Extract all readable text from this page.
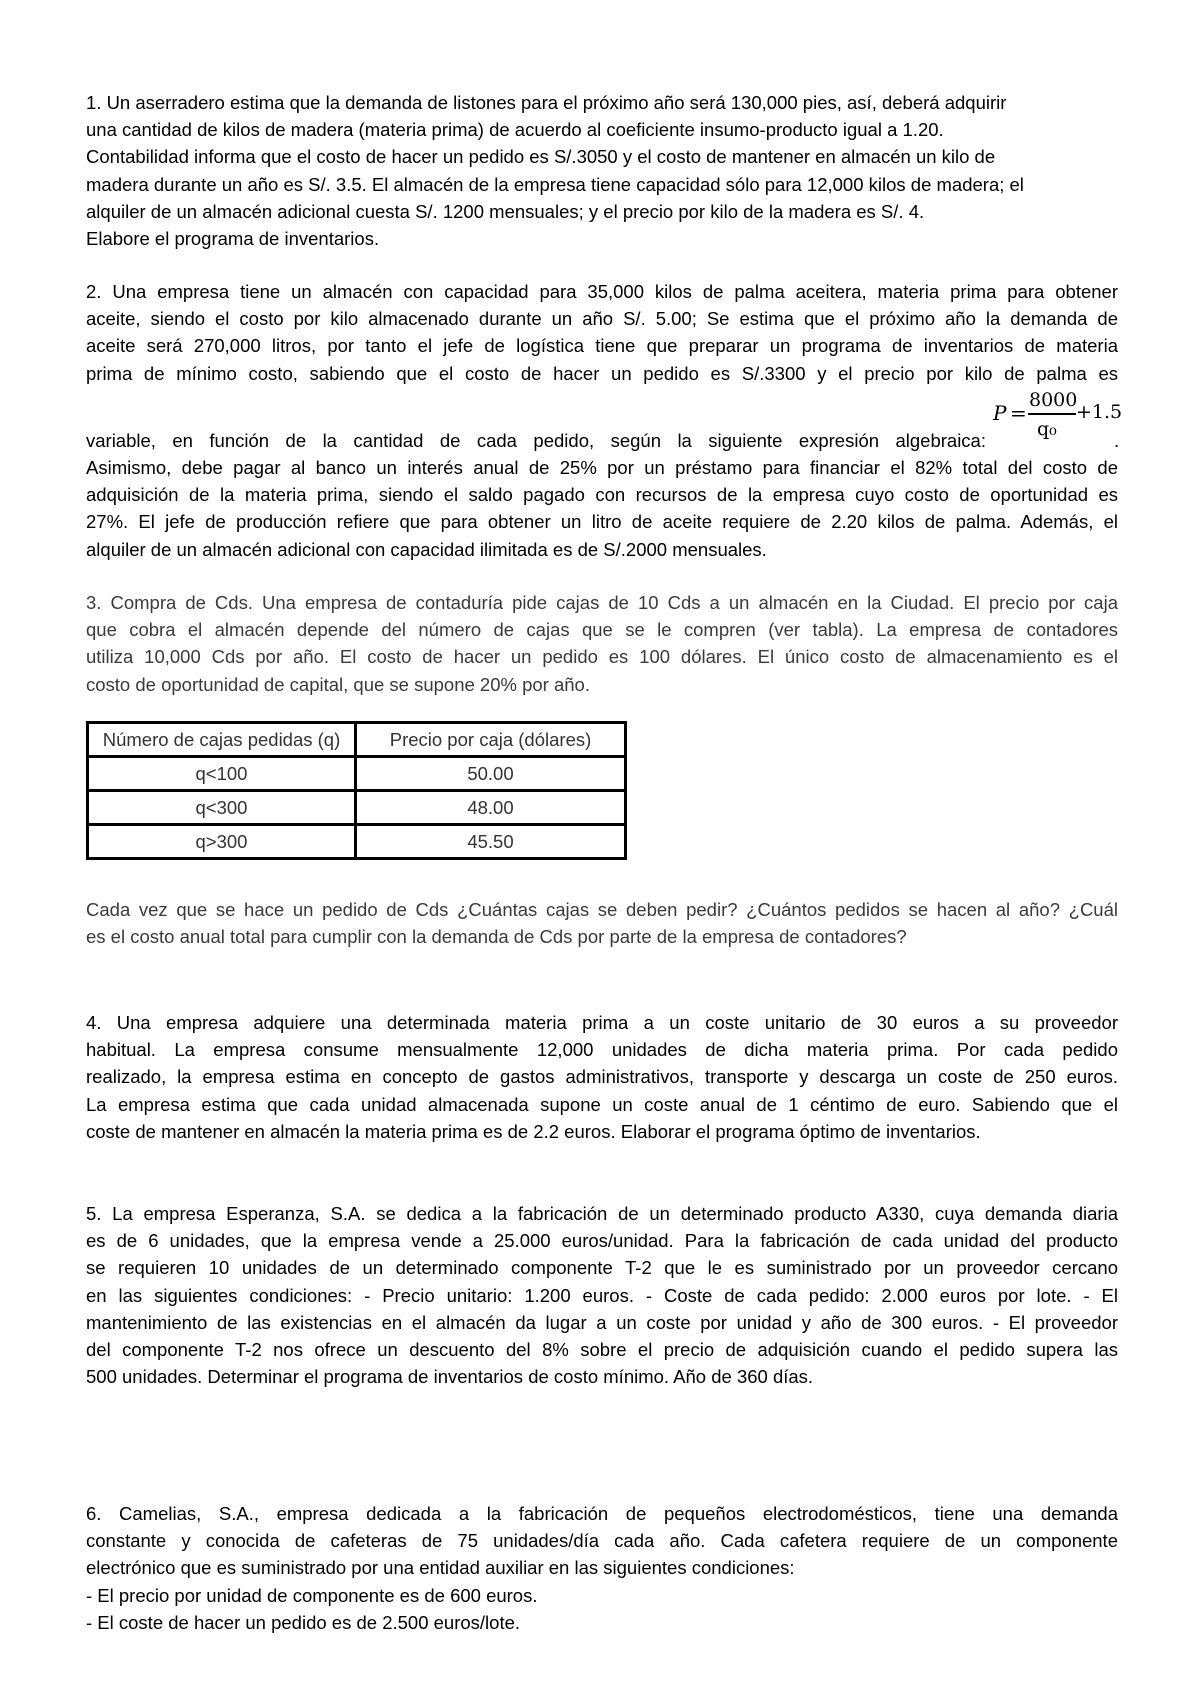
1. Un aserradero estima que la demanda de listones para el próximo año será 130,000 pies, así, deberá adquirir
una cantidad de kilos de madera (materia prima) de acuerdo al coeficiente insumo-producto igual a 1.20.
Contabilidad informa que el costo de hacer un pedido es S/.3050 y el costo de mantener en almacén un kilo de
madera durante un año es S/. 3.5. El almacén de la empresa tiene capacidad sólo para 12,000 kilos de madera; el
alquiler de un almacén adicional cuesta S/. 1200 mensuales; y el precio por kilo de la madera es S/. 4.
Elabore el programa de inventarios.
2. Una empresa tiene un almacén con capacidad para 35,000 kilos de palma aceitera, materia prima para obtener
aceite, siendo el costo por kilo almacenado durante un año S/. 5.00; Se estima que el próximo año la demanda de
aceite será 270,000 litros, por tanto el jefe de logística tiene que preparar un programa de inventarios de materia
prima de mínimo costo, sabiendo que el costo de hacer un pedido es S/.3300 y el precio por kilo de palma es
variable, en función de la cantidad de cada pedido, según la siguiente expresión algebraica:	.
P =
8000
q₀
+1.5
Asimismo, debe pagar al banco un interés anual de 25% por un préstamo para financiar el 82% total del costo de
adquisición de la materia prima, siendo el saldo pagado con recursos de la empresa cuyo costo de oportunidad es
27%. El jefe de producción refiere que para obtener un litro de aceite requiere de 2.20 kilos de palma. Además, el
alquiler de un almacén adicional con capacidad ilimitada es de S/.2000 mensuales.
3. Compra de Cds. Una empresa de contaduría pide cajas de 10 Cds a un almacén en la Ciudad. El precio por caja
que cobra el almacén depende del número de cajas que se le compren (ver tabla). La empresa de contadores
utiliza 10,000 Cds por año. El costo de hacer un pedido es 100 dólares. El único costo de almacenamiento es el
costo de oportunidad de capital, que se supone 20% por año.
Número de cajas pedidas (q)	Precio por caja (dólares)
q<100	50.00
q<300	48.00
q>300	45.50
Cada vez que se hace un pedido de Cds ¿Cuántas cajas se deben pedir? ¿Cuántos pedidos se hacen al año? ¿Cuál
es el costo anual total para cumplir con la demanda de Cds por parte de la empresa de contadores?
4. Una empresa adquiere una determinada materia prima a un coste unitario de 30 euros a su proveedor
habitual. La empresa consume mensualmente 12,000 unidades de dicha materia prima. Por cada pedido
realizado, la empresa estima en concepto de gastos administrativos, transporte y descarga un coste de 250 euros.
La empresa estima que cada unidad almacenada supone un coste anual de 1 céntimo de euro. Sabiendo que el
coste de mantener en almacén la materia prima es de 2.2 euros. Elaborar el programa óptimo de inventarios.
5. La empresa Esperanza, S.A. se dedica a la fabricación de un determinado producto A330, cuya demanda diaria
es de 6 unidades, que la empresa vende a 25.000 euros/unidad. Para la fabricación de cada unidad del producto
se requieren 10 unidades de un determinado componente T-2 que le es suministrado por un proveedor cercano
en las siguientes condiciones: - Precio unitario: 1.200 euros. - Coste de cada pedido: 2.000 euros por lote. - El
mantenimiento de las existencias en el almacén da lugar a un coste por unidad y año de 300 euros. - El proveedor
del componente T-2 nos ofrece un descuento del 8% sobre el precio de adquisición cuando el pedido supera las
500 unidades. Determinar el programa de inventarios de costo mínimo. Año de 360 días.
6. Camelias, S.A., empresa dedicada a la fabricación de pequeños electrodomésticos, tiene una demanda
constante y conocida de cafeteras de 75 unidades/día cada año. Cada cafetera requiere de un componente
electrónico que es suministrado por una entidad auxiliar en las siguientes condiciones:
- El precio por unidad de componente es de 600 euros.
- El coste de hacer un pedido es de 2.500 euros/lote.
